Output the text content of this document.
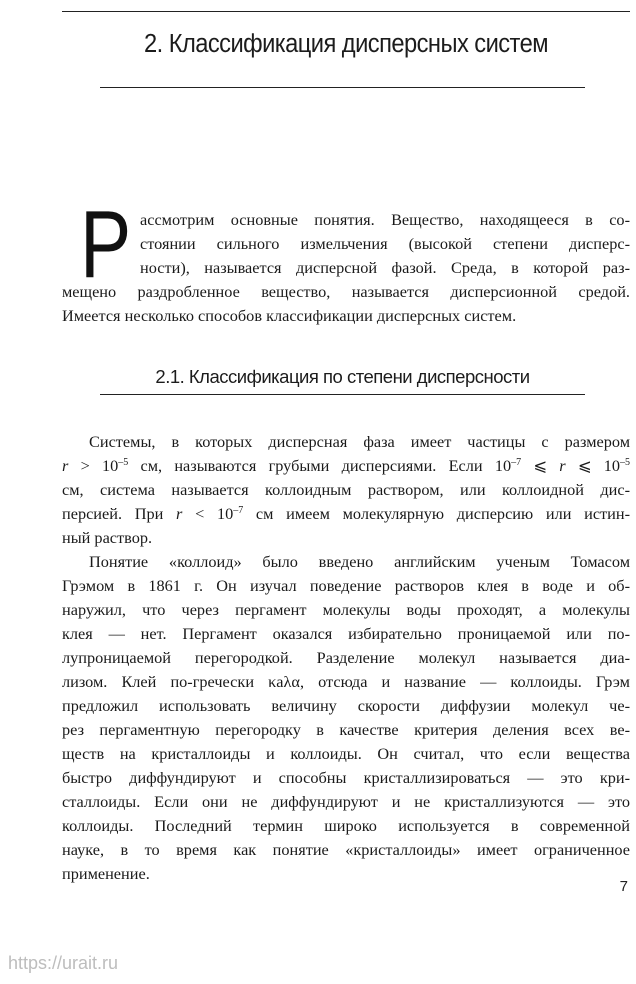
2. Классификация дисперсных систем
Р ассмотрим основные понятия. Вещество, находящееся в со-
стоянии сильного измельчения (высокой степени дисперс-
ности), называется дисперсной фазой. Среда, в которой раз-
мещено раздробленное вещество, называется дисперсионной средой.
Имеется несколько способов классификации дисперсных систем.
2.1. Классификация по степени дисперсности

Системы, в которых дисперсная фаза имеет частицы с размером
$r > 10^{-5}$ см, называются грубыми дисперсиями. Если $10^{-7}$ ⩽ r ⩽ $10^{-5}$
см, система называется коллоидным раствором, или коллоидной дис-
персией. При $r < 10^{-7}$ см имеем молекулярную дисперсию или истин-
ный раствор.

Понятие «коллоид» было введено английским ученым Томасом
Грэмом в 1861 г. Он изучал поведение растворов клея в воде и об-
наружил, что через пергамент молекулы воды проходят, а молекулы
клея — нет. Пергамент оказался избирательно проницаемой или по-
лупроницаемой перегородкой. Разделение молекул называется диа-
лизом. Клей по-гречески κaλα, отсюда и название — коллоиды. Грэм
предложил использовать величину скорости диффузии молекул че-
рез пергаментную перегородку в качестве критерия деления всех ве-
ществ на кристаллоиды и коллоиды. Он считал, что если вещества
быстро диффундируют и способны кристаллизироваться — это кри-
сталлоиды. Если они не диффундируют и не кристаллизуются — это
коллоиды. Последний термин широко используется в современной
науке, в то время как понятие «кристаллоиды» имеет ограниченное
применение.

7
https://urait.ru
